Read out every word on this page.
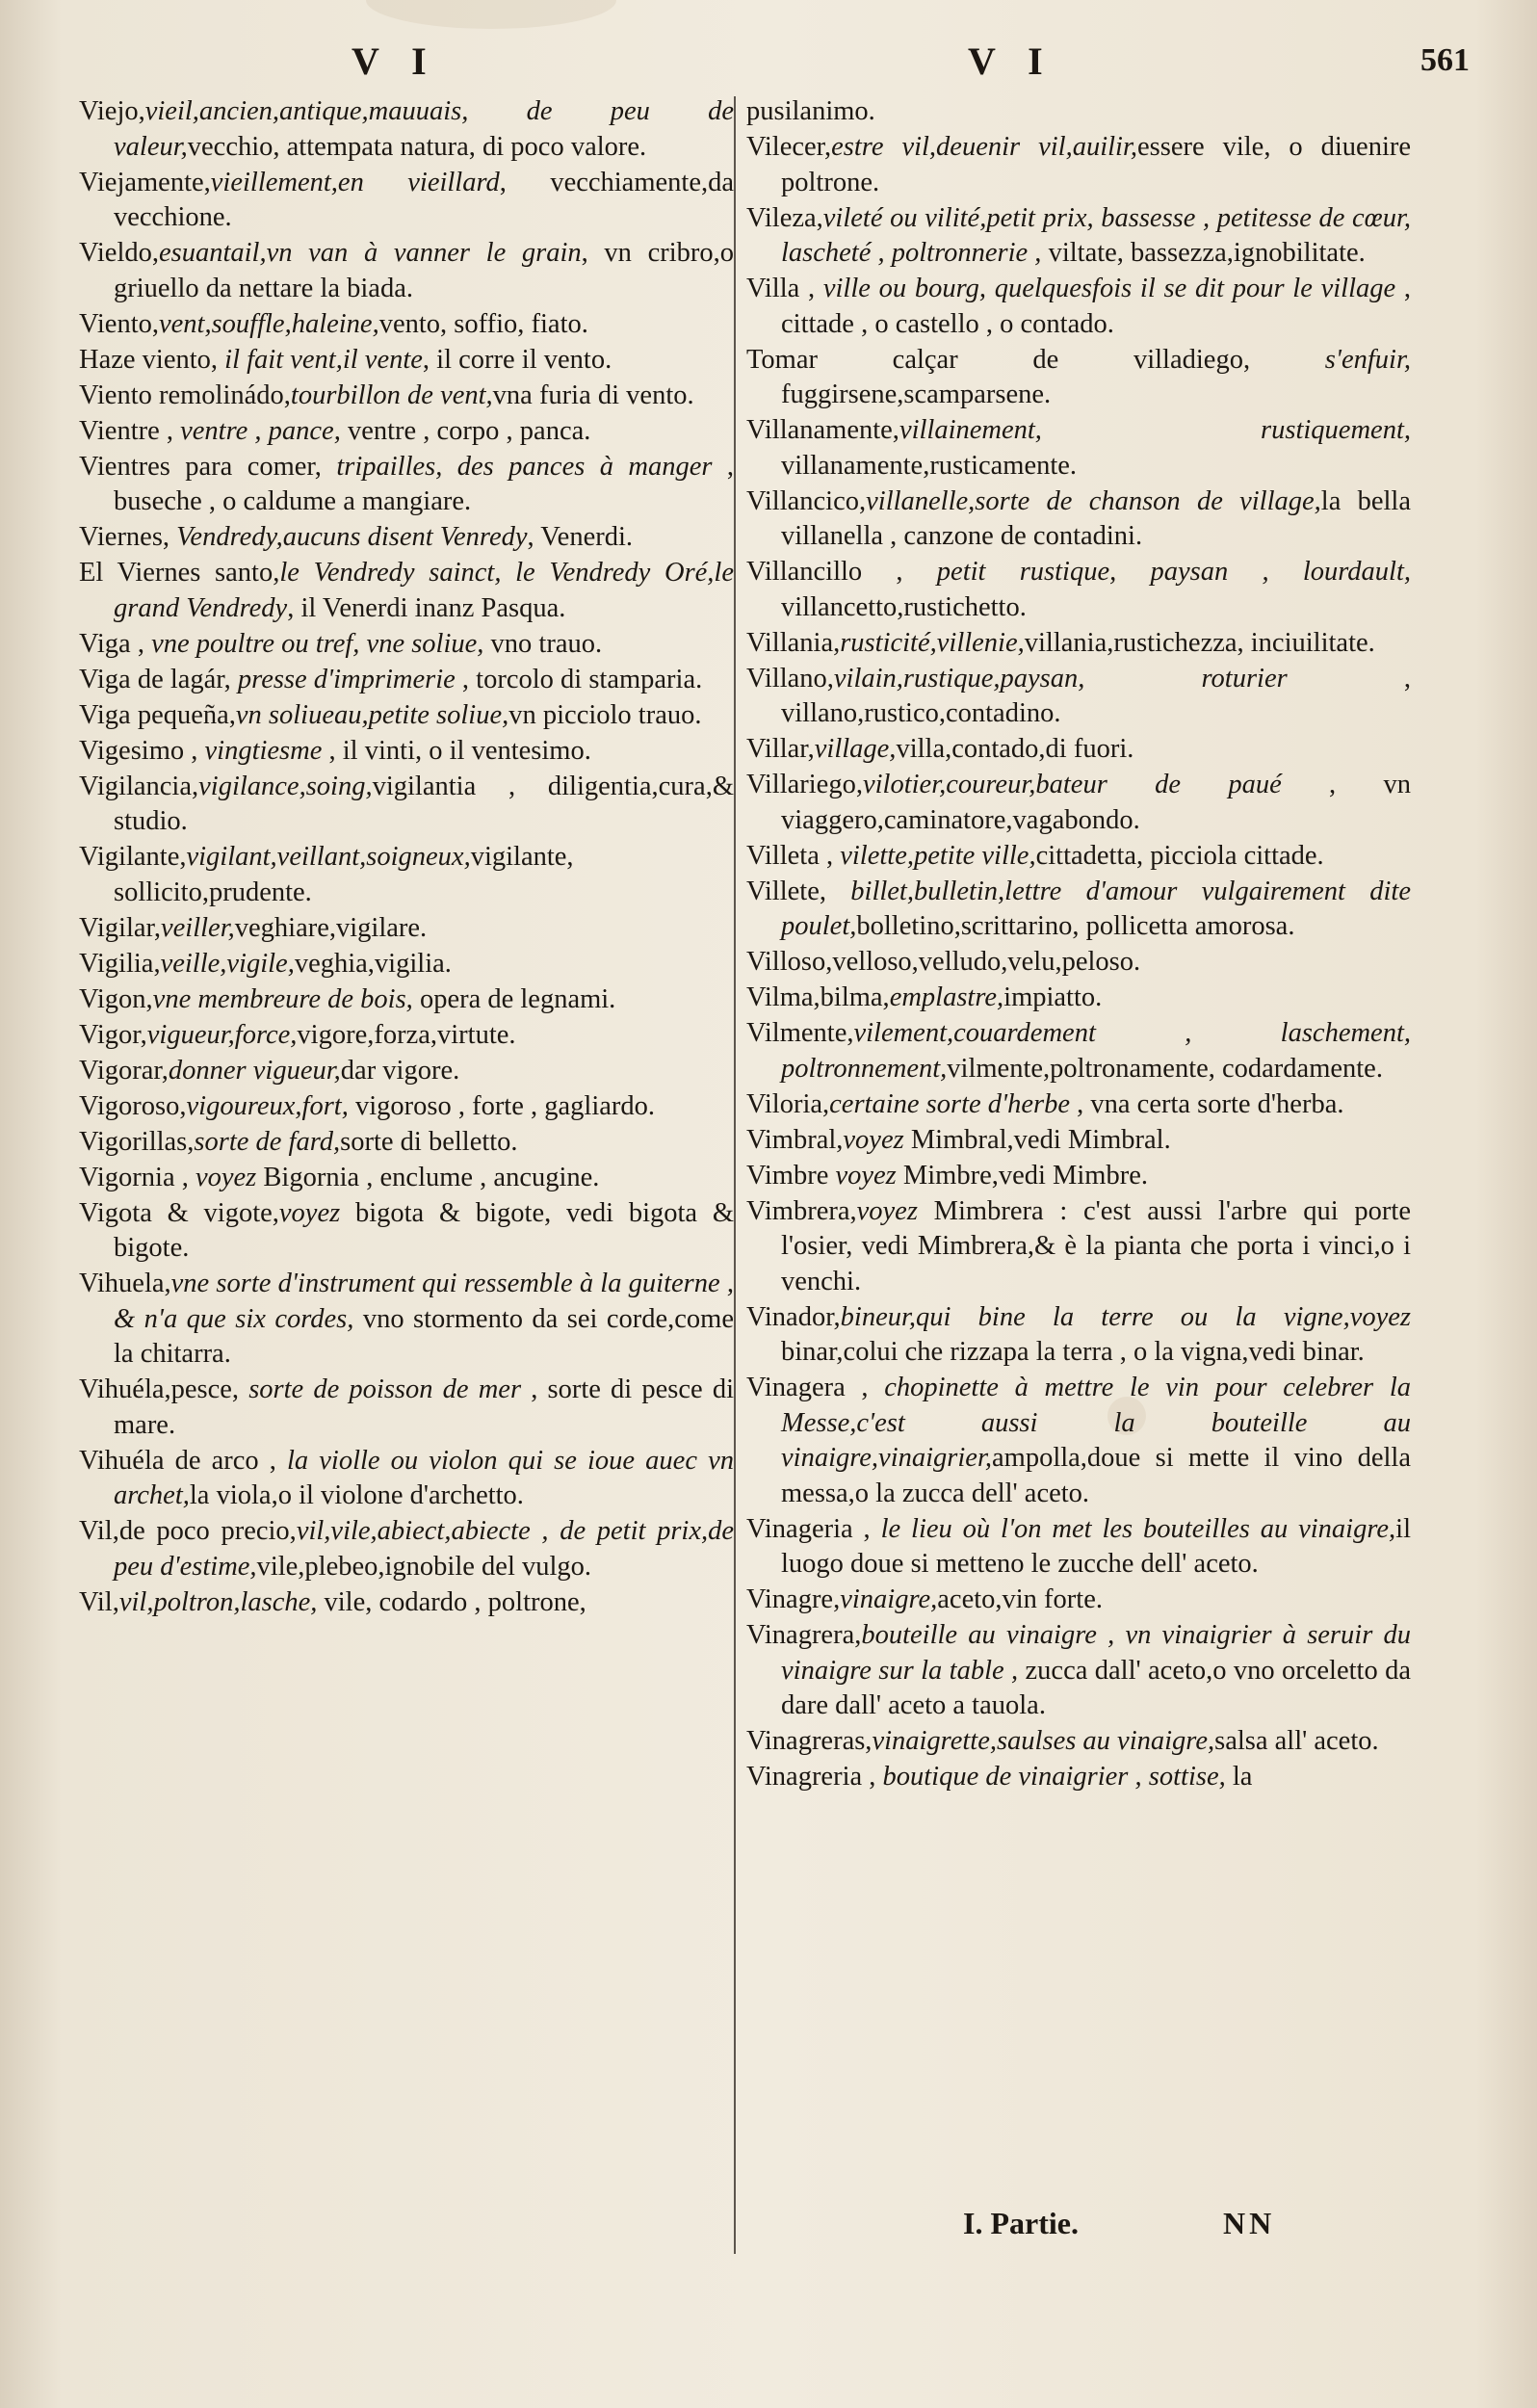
V I	V I	561

Viejo,vieil,ancien,antique,mauuais, de peu de valeur,vecchio, attempata natura, di poco valore.

Viejamente,vieillement,en vieillard, vecchiamente,da vecchione.

Vieldo,esuantail,vn van à vanner le grain, vn cribro,o griuello da nettare la biada.

Viento,vent,souffle,haleine,vento, soffio, fiato.

Haze viento, il fait vent,il vente, il corre il vento.

Viento remolinádo,tourbillon de vent,vna furia di vento.

Vientre , ventre , pance, ventre , corpo , panca.

Vientres para comer, tripailles, des pances à manger , buseche , o caldume a mangiare.

Viernes, Vendredy,aucuns disent Venredy, Venerdi.

El Viernes santo,le Vendredy sainct, le Vendredy Oré,le grand Vendredy, il Venerdi inanz Pasqua.

Viga , vne poultre ou tref, vne soliue, vno trauo.

Viga de lagár, presse d'imprimerie , torcolo di stamparia.

Viga pequeña,vn soliueau,petite soliue,vn picciolo trauo.

Vigesimo , vingtiesme , il vinti, o il ventesimo.

Vigilancia,vigilance,soing,vigilantia , diligentia,cura,& studio.

Vigilante,vigilant,veillant,soigneux,vigilante, sollicito,prudente.

Vigilar,veiller,veghiare,vigilare.

Vigilia,veille,vigile,veghia,vigilia.

Vigon,vne membreure de bois, opera de legnami.

Vigor,vigueur,force,vigore,forza,virtute.

Vigorar,donner vigueur,dar vigore.

Vigoroso,vigoureux,fort, vigoroso , forte , gagliardo.

Vigorillas,sorte de fard,sorte di belletto.

Vigornia , voyez Bigornia , enclume , ancugine.

Vigota & vigote,voyez bigota & bigote, vedi bigota & bigote.

Vihuela,vne sorte d'instrument qui ressemble à la guiterne , & n'a que six cordes, vno stormento da sei corde,come la chitarra.

Vihuéla,pesce, sorte de poisson de mer , sorte di pesce di mare.

Vihuéla de arco , la violle ou violon qui se ioue auec vn archet,la viola,o il violone d'archetto.

Vil,de poco precio,vil,vile,abiect,abiecte , de petit prix,de peu d'estime,vile,plebeo,ignobile del vulgo.

Vil,vil,poltron,lasche, vile, codardo , poltrone,

pusilanimo.

Vilecer,estre vil,deuenir vil,auilir,essere vile, o diuenire poltrone.

Vileza,vileté ou vilité,petit prix, bassesse , petitesse de cœur, lascheté , poltronnerie , viltate, bassezza,ignobilitate.

Villa , ville ou bourg, quelquesfois il se dit pour le village , cittade , o castello , o contado.

Tomar calçar de villadiego, s'enfuir, fuggirsene,scamparsene.

Villanamente,villainement, rustiquement, villanamente,rusticamente.

Villancico,villanelle,sorte de chanson de village,la bella villanella , canzone de contadini.

Villancillo , petit rustique, paysan , lourdault, villancetto,rustichetto.

Villania,rusticité,villenie,villania,rustichezza, inciuilitate.

Villano,vilain,rustique,paysan, roturier , villano,rustico,contadino.

Villar,village,villa,contado,di fuori.

Villariego,vilotier,coureur,bateur de paué , vn viaggero,caminatore,vagabondo.

Villeta , vilette,petite ville,cittadetta, picciola cittade.

Villete, billet,bulletin,lettre d'amour vulgairement dite poulet,bolletino,scrittarino, pollicetta amorosa.

Villoso,velloso,velludo,velu,peloso.

Vilma,bilma,emplastre,impiatto.

Vilmente,vilement,couardement , laschement, poltronnement,vilmente,poltronamente, codardamente.

Viloria,certaine sorte d'herbe , vna certa sorte d'herba.

Vimbral,voyez Mimbral,vedi Mimbral.

Vimbre voyez Mimbre,vedi Mimbre.

Vimbrera,voyez Mimbrera : c'est aussi l'arbre qui porte l'osier, vedi Mimbrera,& è la pianta che porta i vinci,o i venchi.

Vinador,bineur,qui bine la terre ou la vigne,voyez binar,colui che rizzapa la terra , o la vigna,vedi binar.

Vinagera , chopinette à mettre le vin pour celebrer la Messe,c'est aussi la bouteille au vinaigre,vinaigrier,ampolla,doue si mette il vino della messa,o la zucca dell' aceto.

Vinageria , le lieu où l'on met les bouteilles au vinaigre,il luogo doue si metteno le zucche dell' aceto.

Vinagre,vinaigre,aceto,vin forte.

Vinagrera,bouteille au vinaigre , vn vinaigrier à seruir du vinaigre sur la table , zucca dall' aceto,o vno orceletto da dare dall' aceto a tauola.

Vinagreras,vinaigrette,saulses au vinaigre,salsa all' aceto.

Vinagreria , boutique de vinaigrier , sottise, la

I. Partie.	NN
